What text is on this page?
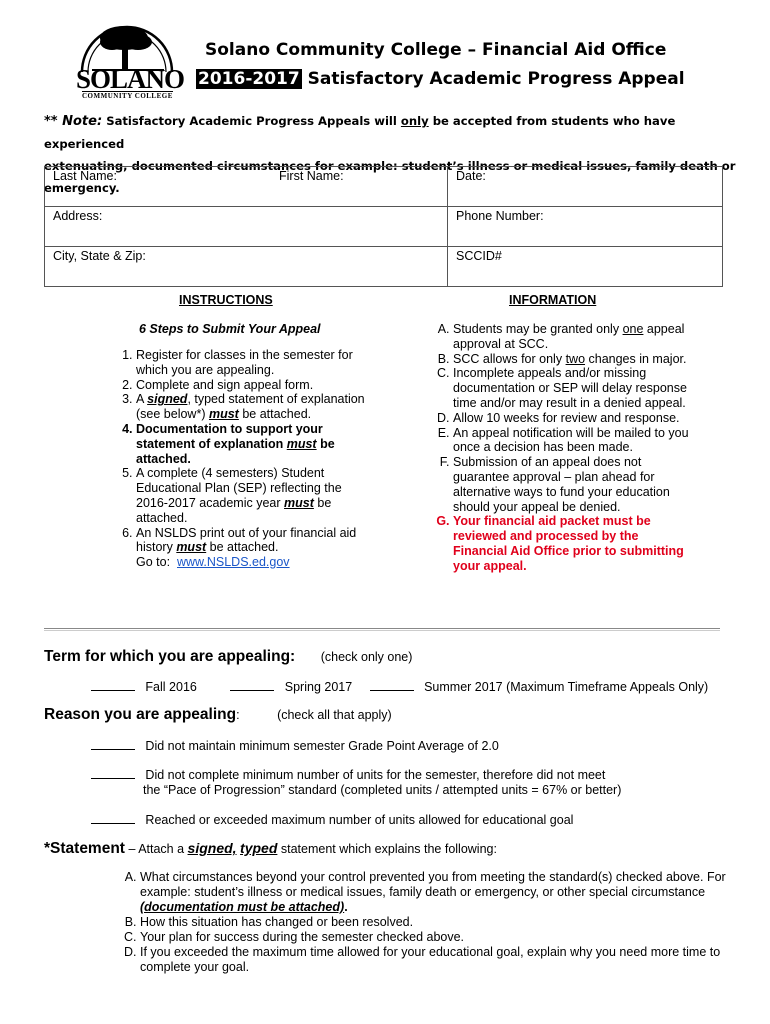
SOLANO
COMMUNITY COLLEGE
Solano Community College – Financial Aid Office
2016-2017 Satisfactory Academic Progress Appeal
** Note: Satisfactory Academic Progress Appeals will only be accepted from students who have experienced
extenuating, documented circumstances for example: student’s illness or medical issues, family death or emergency.
Last Name:	First Name:	Date:
Address:		Phone Number:
City, State & Zip:		SCCID#
INSTRUCTIONS
6 Steps to Submit Your Appeal
1. Register for classes in the semester for which you are appealing.
2. Complete and sign appeal form.
3. A signed, typed statement of explanation (see below*) must be attached.
4. Documentation to support your statement of explanation must be attached.
5. A complete (4 semesters) Student Educational Plan (SEP) reflecting the 2016-2017 academic year must be attached.
6. An NSLDS print out of your financial aid history must be attached.
Go to: www.NSLDS.ed.gov
INFORMATION
A. Students may be granted only one appeal approval at SCC.
B. SCC allows for only two changes in major.
C. Incomplete appeals and/or missing documentation or SEP will delay response time and/or may result in a denied appeal.
D. Allow 10 weeks for review and response.
E. An appeal notification will be mailed to you once a decision has been made.
F. Submission of an appeal does not guarantee approval – plan ahead for alternative ways to fund your education should your appeal be denied.
G. Your financial aid packet must be reviewed and processed by the Financial Aid Office prior to submitting your appeal.
Term for which you are appealing: (check only one)
Fall 2016	Spring 2017	Summer 2017 (Maximum Timeframe Appeals Only)
Reason you are appealing:	(check all that apply)
Did not maintain minimum semester Grade Point Average of 2.0
Did not complete minimum number of units for the semester, therefore did not meet
the “Pace of Progression” standard (completed units / attempted units = 67% or better)
Reached or exceeded maximum number of units allowed for educational goal
*Statement – Attach a signed, typed statement which explains the following:
A. What circumstances beyond your control prevented you from meeting the standard(s) checked above. For example: student’s illness or medical issues, family death or emergency, or other special circumstance (documentation must be attached).
B. How this situation has changed or been resolved.
C. Your plan for success during the semester checked above.
D. If you exceeded the maximum time allowed for your educational goal, explain why you need more time to complete your goal.
